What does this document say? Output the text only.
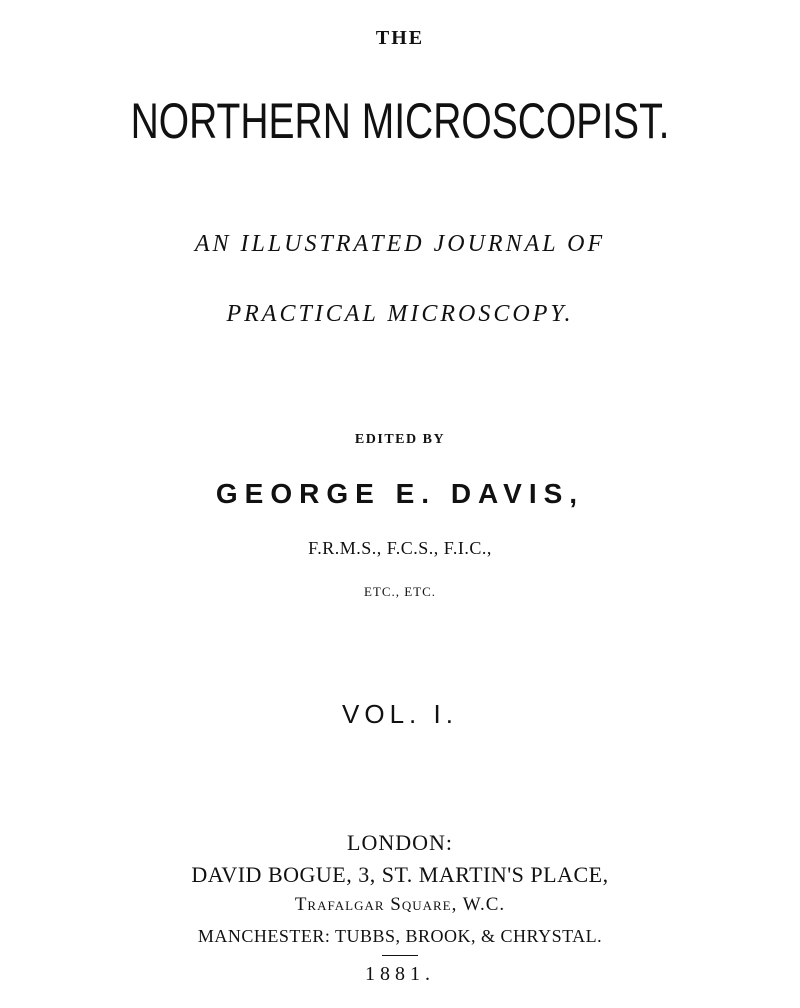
THE
NORTHERN MICROSCOPIST.
AN ILLUSTRATED JOURNAL OF
PRACTICAL MICROSCOPY.
EDITED BY
GEORGE E. DAVIS,
F.R.M.S., F.C.S., F.I.C.,
ETC., ETC.
VOL. I.
LONDON:
DAVID BOGUE, 3, ST. MARTIN'S PLACE,
Trafalgar Square, W.C.
MANCHESTER: TUBBS, BROOK, & CHRYSTAL.
1881.
